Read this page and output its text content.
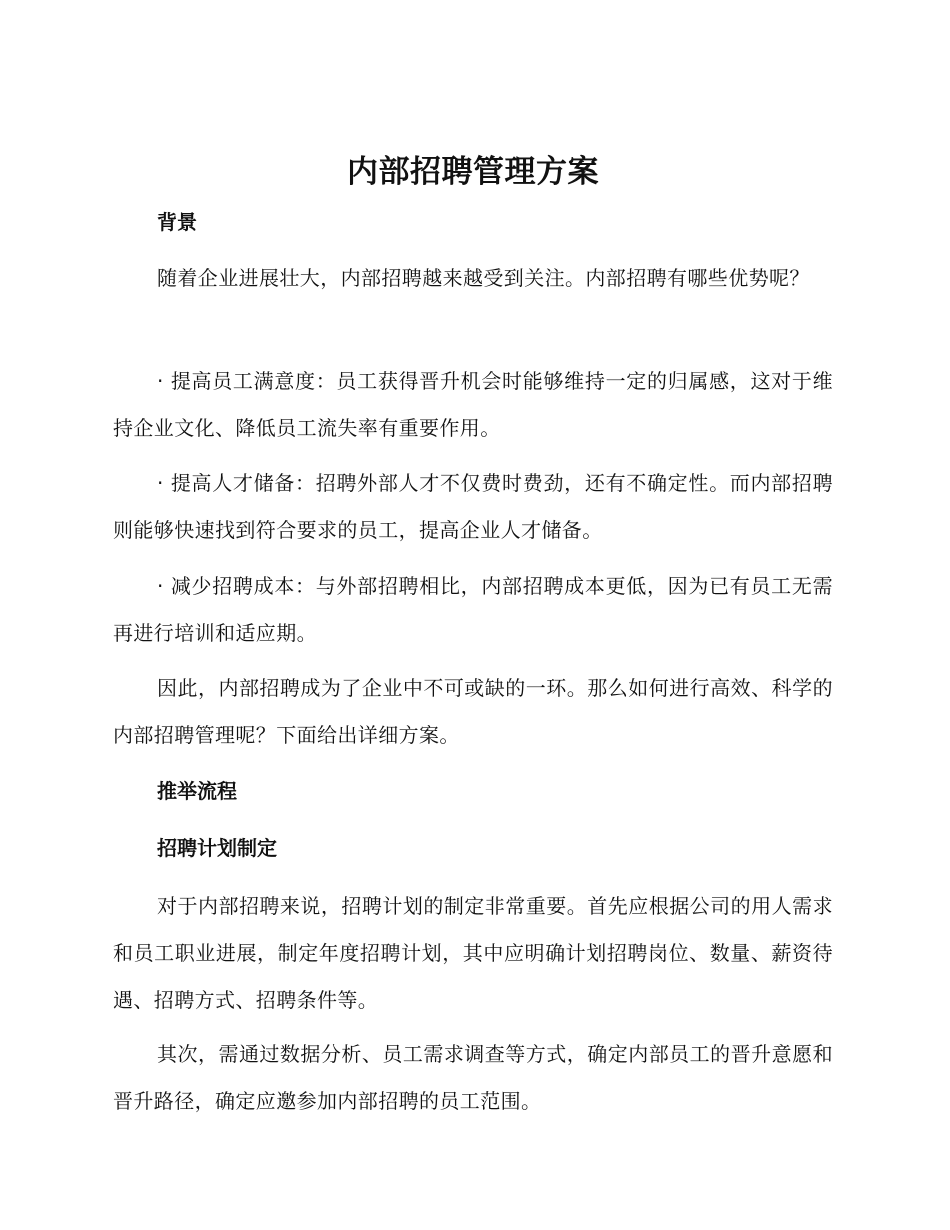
内部招聘管理方案
背景

随着企业进展壮大，内部招聘越来越受到关注。内部招聘有哪些优势呢？

· 提高员工满意度：员工获得晋升机会时能够维持一定的归属感，这对于维持企业文化、降低员工流失率有重要作用。

· 提高人才储备：招聘外部人才不仅费时费劲，还有不确定性。而内部招聘则能够快速找到符合要求的员工，提高企业人才储备。

· 减少招聘成本：与外部招聘相比，内部招聘成本更低，因为已有员工无需再进行培训和适应期。

因此，内部招聘成为了企业中不可或缺的一环。那么如何进行高效、科学的内部招聘管理呢？下面给出详细方案。

推举流程
招聘计划制定

对于内部招聘来说，招聘计划的制定非常重要。首先应根据公司的用人需求和员工职业进展，制定年度招聘计划，其中应明确计划招聘岗位、数量、薪资待遇、招聘方式、招聘条件等。

其次，需通过数据分析、员工需求调查等方式，确定内部员工的晋升意愿和晋升路径，确定应邀参加内部招聘的员工范围。
